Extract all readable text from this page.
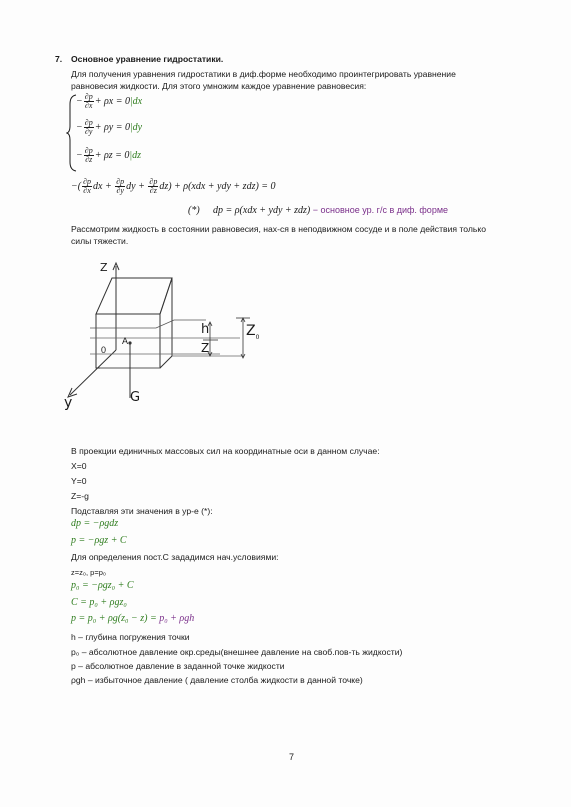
7. Основное уравнение гидростатики.
Для получения уравнения гидростатики в диф.форме необходимо проинтегрировать уравнение
равновесия жидкости. Для этого умножим каждое уравнение равновесия:
− $\frac{\partial p}{\partial x} + \rho x = 0|dx$
− $\frac{\partial p}{\partial y} + \rho y = 0|dy$
− $\frac{\partial p}{\partial z} + \rho z = 0|dz$
−( $\frac{\partial p}{\partial x}$ dx + $\frac{\partial p}{\partial y}$ dy + $\frac{\partial p}{\partial z} dz) + \rho(xdx$ + ydy + zdz) = 0
(*) dp = ρ(xdx + ydy + zdz) − основное ур. г/с в диф. форме
Рассмотрим жидкость в состоянии равновесия, нах-ся в неподвижном сосуде и в поле действия только
силы тяжести.
Z
y
A
0
G
h
Z
$Z_0$
В проекции единичных массовых сил на координатные оси в данном случае:
X=0
Y=0
Z=-g
Подставляя эти значения в ур-е (*):
dp = −ρgdz
p = −ρgz + C
Для определения пост.С зададимся нач.условиями:
z=z₀, p=p₀
p₀ = −ρgz₀ + C
C = p₀ + ρgz₀
p = p₀ + ρg(z₀ − z) = p₀ + ρgh
h – глубина погружения точки
p₀ – абсолютное давление окр.среды(внешнее давление на своб.пов-ть жидкости)
p – абсолютное давление в заданной точке жидкости
ρgh – избыточное давление ( давление столба жидкости в данной точке)
7
